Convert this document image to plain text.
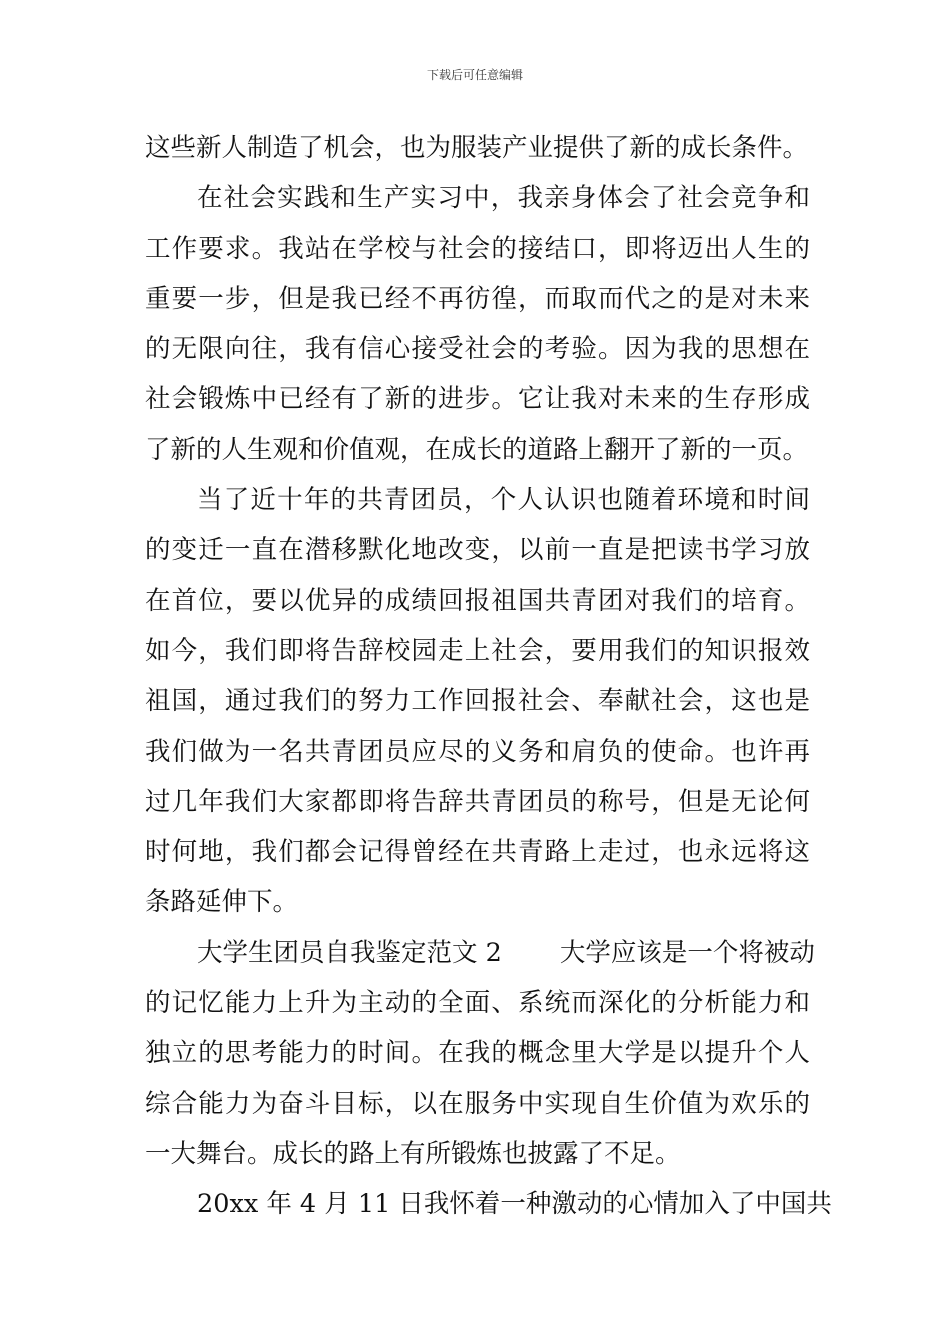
下载后可任意编辑
这些新人制造了机会，也为服装产业提供了新的成长条件。
在社会实践和生产实习中，我亲身体会了社会竞争和
工作要求。我站在学校与社会的接结口，即将迈出人生的
重要一步，但是我已经不再彷徨，而取而代之的是对未来
的无限向往，我有信心接受社会的考验。因为我的思想在
社会锻炼中已经有了新的进步。它让我对未来的生存形成
了新的人生观和价值观，在成长的道路上翻开了新的一页。
当了近十年的共青团员，个人认识也随着环境和时间
的变迁一直在潜移默化地改变，以前一直是把读书学习放
在首位，要以优异的成绩回报祖国共青团对我们的培育。
如今，我们即将告辞校园走上社会，要用我们的知识报效
祖国，通过我们的努力工作回报社会、奉献社会，这也是
我们做为一名共青团员应尽的义务和肩负的使命。也许再
过几年我们大家都即将告辞共青团员的称号，但是无论何
时何地，我们都会记得曾经在共青路上走过，也永远将这
条路延伸下。
大学生团员自我鉴定范文 2 大学应该是一个将被动
的记忆能力上升为主动的全面、系统而深化的分析能力和
独立的思考能力的时间。在我的概念里大学是以提升个人
综合能力为奋斗目标，以在服务中实现自生价值为欢乐的
一大舞台。成长的路上有所锻炼也披露了不足。
20xx 年 4 月 11 日我怀着一种激动的心情加入了中国共
